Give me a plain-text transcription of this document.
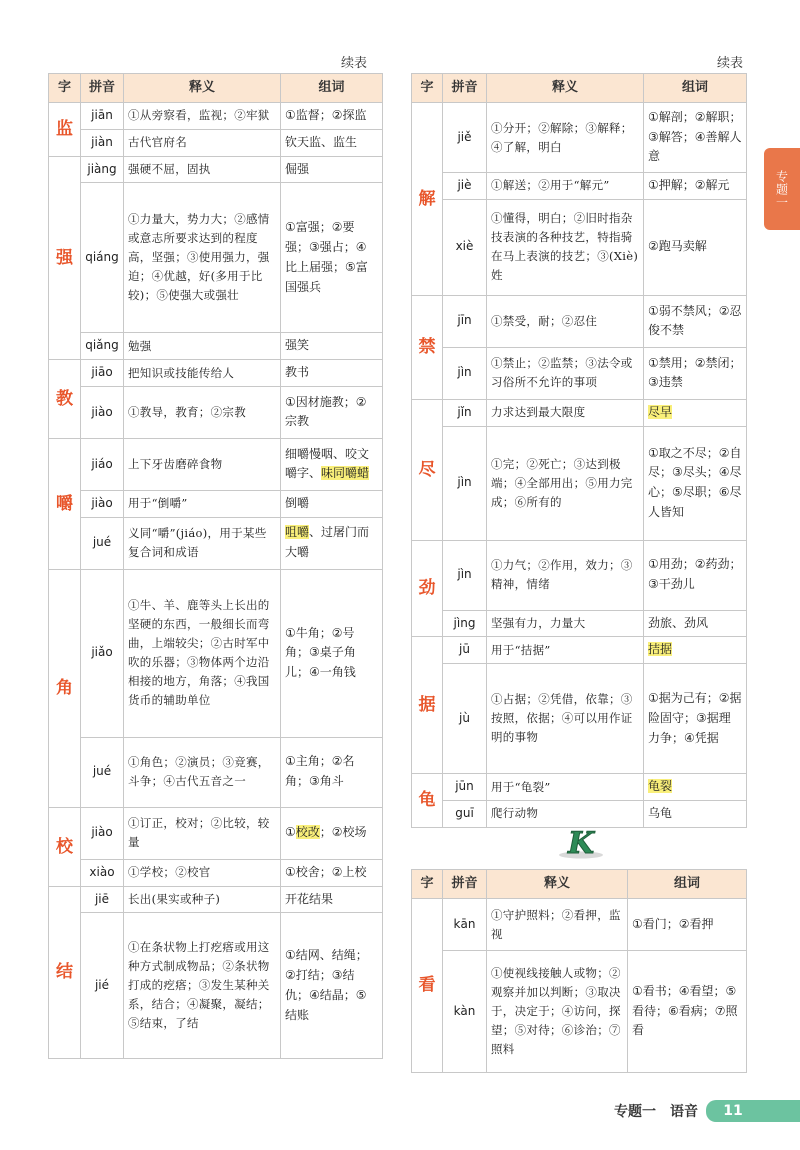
续表	续表
专题一
字	拼音	释义	组词
监	jiān	①从旁察看，监视；②牢狱	①监督；②探监
	jiàn	古代官府名	钦天监、监生
强	jiàng	强硬不屈，固执	倔强
	qiáng	①力量大，势力大；②感情或意志所要求达到的程度高，坚强；③使用强力，强迫；④优越，好(多用于比较)；⑤使强大或强壮	①富强；②要强；③强占；④比上届强；⑤富国强兵
	qiǎng	勉强	强笑
教	jiāo	把知识或技能传给人	教书
	jiào	①教导，教育；②宗教	①因材施教；②宗教
嚼	jiáo	上下牙齿磨碎食物	细嚼慢咽、咬文嚼字、味同嚼蜡
	jiào	用于“倒嚼”	倒嚼
	jué	义同“嚼”(jiáo)，用于某些复合词和成语	咀嚼、过屠门而大嚼
角	jiǎo	①牛、羊、鹿等头上长出的坚硬的东西，一般细长而弯曲，上端较尖；②古时军中吹的乐器；③物体两个边沿相接的地方，角落；④我国货币的辅助单位	①牛角；②号角；③桌子角儿；④一角钱
	jué	①角色；②演员；③竞赛，斗争；④古代五音之一	①主角；②名角；③角斗
校	jiào	①订正，校对；②比较，较量	①校改；②校场
	xiào	①学校；②校官	①校舍；②上校
结	jiē	长出(果实或种子)	开花结果
	jié	①在条状物上打疙瘩或用这种方式制成物品；②条状物打成的疙瘩；③发生某种关系，结合；④凝聚，凝结；⑤结束，了结	①结网、结绳；②打结；③结仇；④结晶；⑤结账
字	拼音	释义	组词
解	jiě	①分开；②解除；③解释；④了解，明白	①解剖；②解职；③解答；④善解人意
	jiè	①解送；②用于“解元”	①押解；②解元
	xiè	①懂得，明白；②旧时指杂技表演的各种技艺，特指骑在马上表演的技艺；③(Xiè)姓	②跑马卖解
禁	jīn	①禁受，耐；②忍住	①弱不禁风；②忍俊不禁
	jìn	①禁止；②监禁；③法令或习俗所不允许的事项	①禁用；②禁闭；③违禁
尽	jǐn	力求达到最大限度	尽早
	jìn	①完；②死亡；③达到极端；④全部用出；⑤用力完成；⑥所有的	①取之不尽；②自尽；③尽头；④尽心；⑤尽职；⑥尽人皆知
劲	jìn	①力气；②作用，效力；③精神，情绪	①用劲；②药劲；③干劲儿
	jìng	坚强有力，力量大	劲旅、劲风
据	jū	用于“拮据”	拮据
	jù	①占据；②凭借，依靠；③按照，依据；④可以用作证明的事物	①据为己有；②据险固守；③据理力争；④凭据
龟	jūn	用于“龟裂”	龟裂
	guī	爬行动物	乌龟
K
字	拼音	释义	组词
看	kān	①守护照料；②看押，监视	①看门；②看押
	kàn	①使视线接触人或物；②观察并加以判断；③取决于，决定于；④访问，探望；⑤对待；⑥诊治；⑦照料	①看书；④看望；⑤看待；⑥看病；⑦照看
专题一　语音	11
